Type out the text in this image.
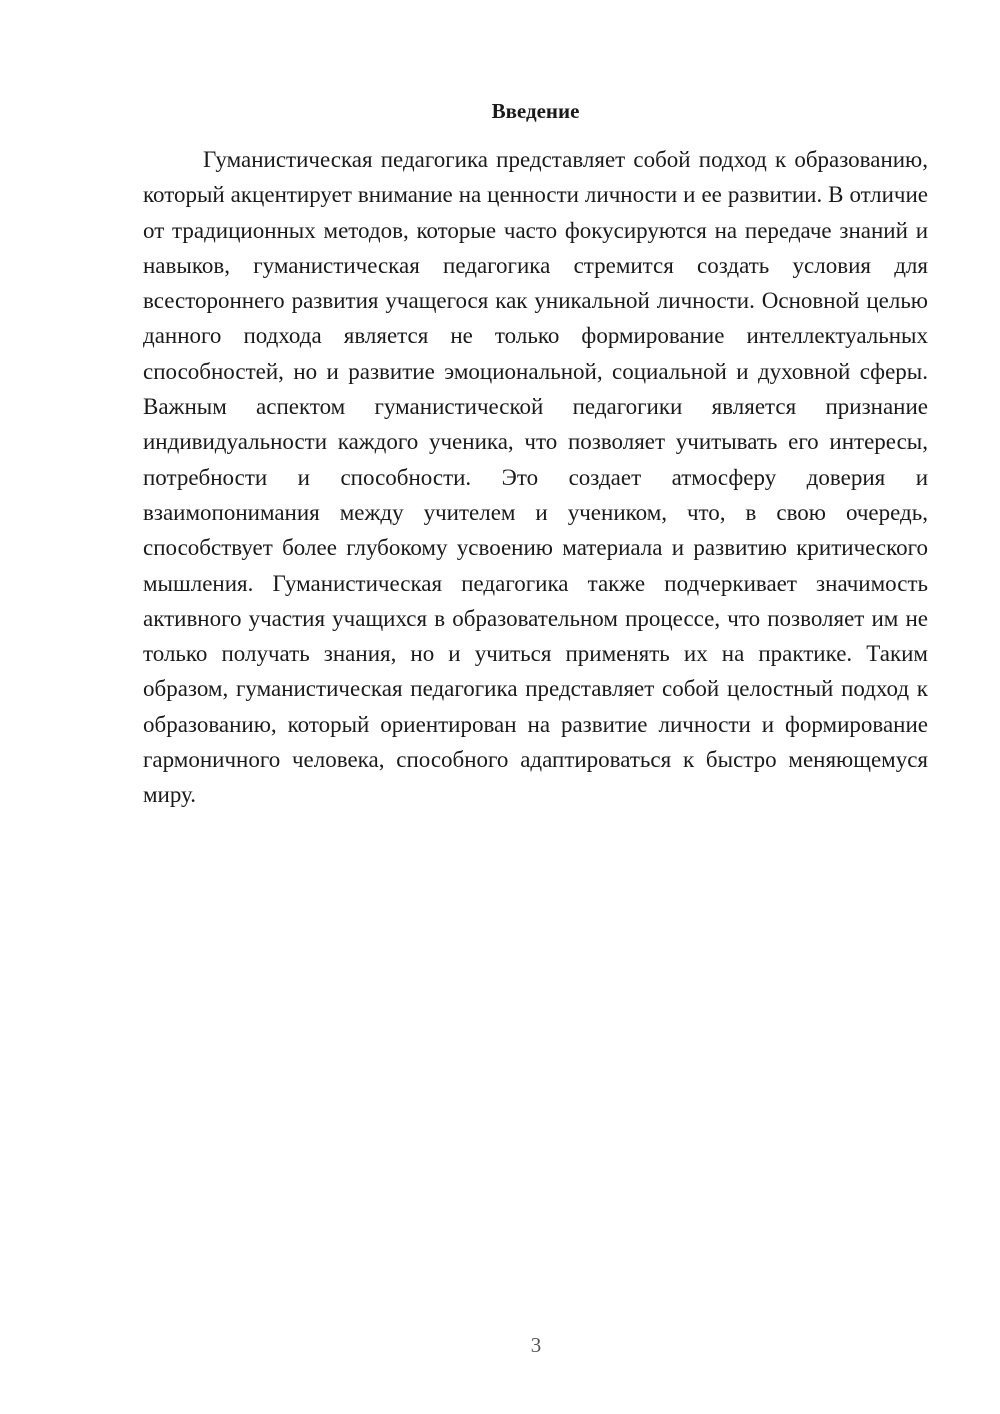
Введение

Гуманистическая педагогика представляет собой подход к образованию, который акцентирует внимание на ценности личности и ее развитии. В отличие от традиционных методов, которые часто фокусируются на передаче знаний и навыков, гуманистическая педагогика стремится создать условия для всестороннего развития учащегося как уникальной личности. Основной целью данного подхода является не только формирование интеллектуальных способностей, но и развитие эмоциональной, социальной и духовной сферы. Важным аспектом гуманистической педагогики является признание индивидуальности каждого ученика, что позволяет учитывать его интересы, потребности и способности. Это создает атмосферу доверия и взаимопонимания между учителем и учеником, что, в свою очередь, способствует более глубокому усвоению материала и развитию критического мышления. Гуманистическая педагогика также подчеркивает значимость активного участия учащихся в образовательном процессе, что позволяет им не только получать знания, но и учиться применять их на практике. Таким образом, гуманистическая педагогика представляет собой целостный подход к образованию, который ориентирован на развитие личности и формирование гармоничного человека, способного адаптироваться к быстро меняющемуся миру.

3
